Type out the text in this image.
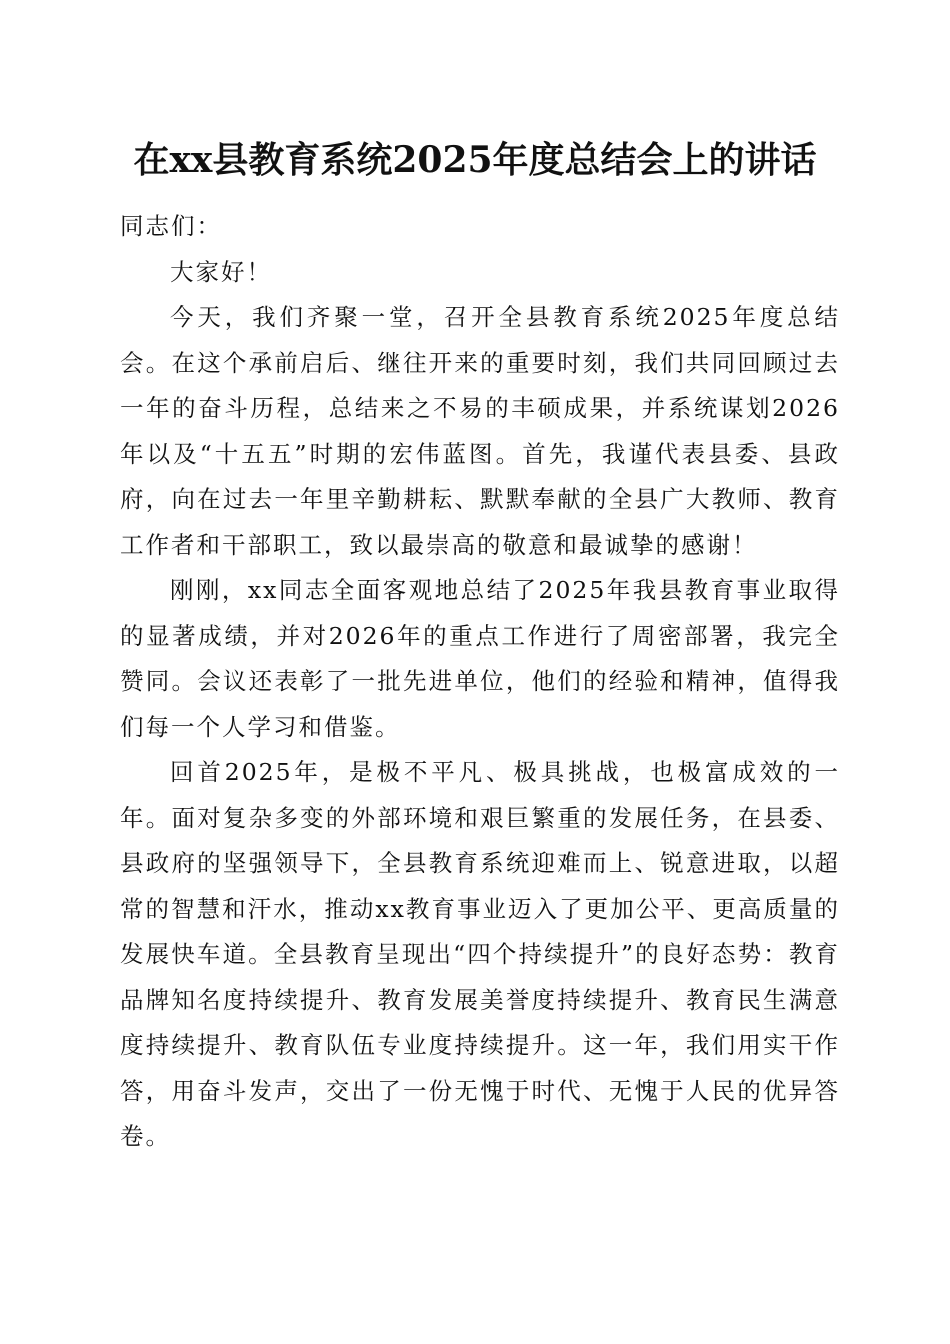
在xx县教育系统2025年度总结会上的讲话

同志们：

大家好！

今天，我们齐聚一堂，召开全县教育系统2025年度总结会。在这个承前启后、继往开来的重要时刻，我们共同回顾过去一年的奋斗历程，总结来之不易的丰硕成果，并系统谋划2026年以及“十五五”时期的宏伟蓝图。首先，我谨代表县委、县政府，向在过去一年里辛勤耕耘、默默奉献的全县广大教师、教育工作者和干部职工，致以最崇高的敬意和最诚挚的感谢！

刚刚，xx同志全面客观地总结了2025年我县教育事业取得的显著成绩，并对2026年的重点工作进行了周密部署，我完全赞同。会议还表彰了一批先进单位，他们的经验和精神，值得我们每一个人学习和借鉴。

回首2025年，是极不平凡、极具挑战，也极富成效的一年。面对复杂多变的外部环境和艰巨繁重的发展任务，在县委、县政府的坚强领导下，全县教育系统迎难而上、锐意进取，以超常的智慧和汗水，推动xx教育事业迈入了更加公平、更高质量的发展快车道。全县教育呈现出“四个持续提升”的良好态势：教育品牌知名度持续提升、教育发展美誉度持续提升、教育民生满意度持续提升、教育队伍专业度持续提升。这一年，我们用实干作答，用奋斗发声，交出了一份无愧于时代、无愧于人民的优异答卷。
